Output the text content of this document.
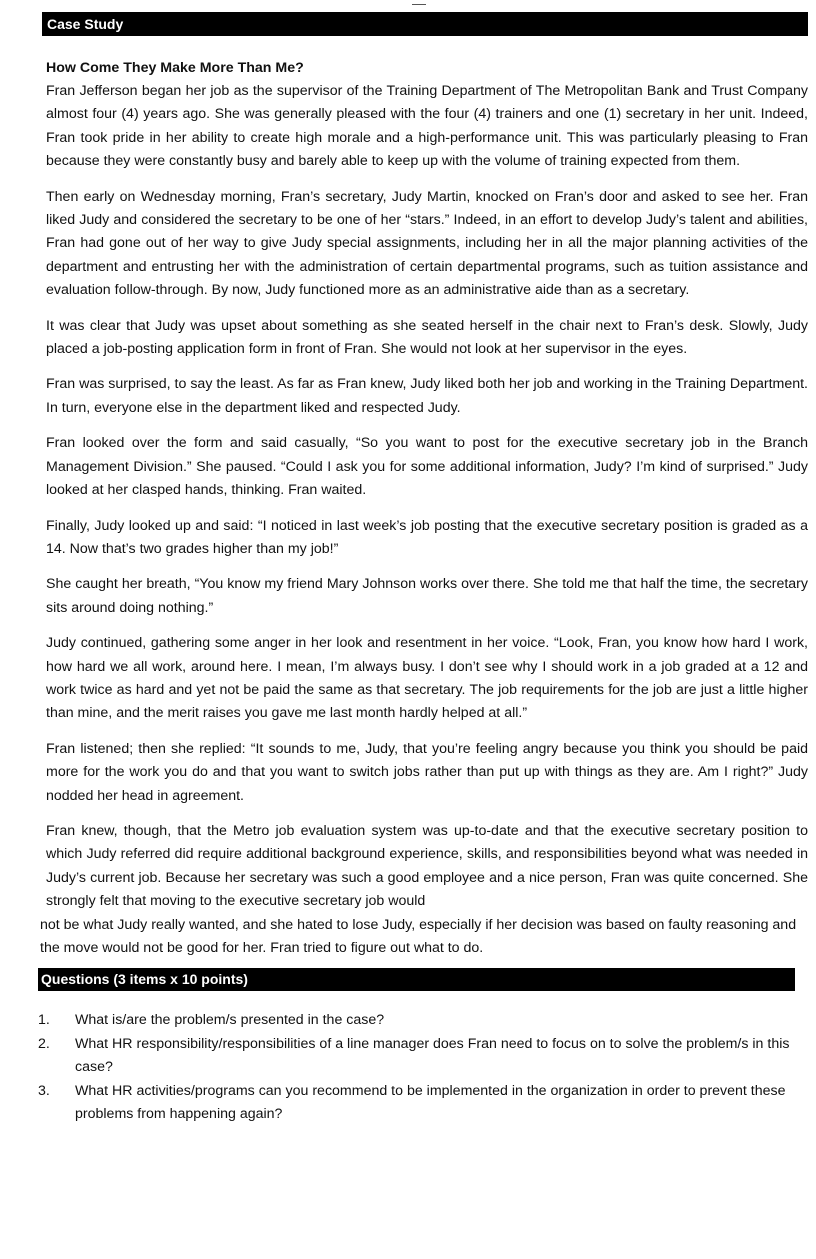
Case Study
How Come They Make More Than Me?

Fran Jefferson began her job as the supervisor of the Training Department of The Metropolitan Bank and Trust Company almost four (4) years ago. She was generally pleased with the four (4) trainers and one (1) secretary in her unit. Indeed, Fran took pride in her ability to create high morale and a high-performance unit. This was particularly pleasing to Fran because they were constantly busy and barely able to keep up with the volume of training expected from them.

Then early on Wednesday morning, Fran’s secretary, Judy Martin, knocked on Fran’s door and asked to see her. Fran liked Judy and considered the secretary to be one of her “stars.” Indeed, in an effort to develop Judy’s talent and abilities, Fran had gone out of her way to give Judy special assignments, including her in all the major planning activities of the department and entrusting her with the administration of certain departmental programs, such as tuition assistance and evaluation follow-through. By now, Judy functioned more as an administrative aide than as a secretary.

It was clear that Judy was upset about something as she seated herself in the chair next to Fran’s desk. Slowly, Judy placed a job-posting application form in front of Fran. She would not look at her supervisor in the eyes.

Fran was surprised, to say the least. As far as Fran knew, Judy liked both her job and working in the Training Department. In turn, everyone else in the department liked and respected Judy.

Fran looked over the form and said casually, “So you want to post for the executive secretary job in the Branch Management Division.” She paused. “Could I ask you for some additional information, Judy? I’m kind of surprised.” Judy looked at her clasped hands, thinking. Fran waited.

Finally, Judy looked up and said: “I noticed in last week’s job posting that the executive secretary position is graded as a 14. Now that’s two grades higher than my job!”

She caught her breath, “You know my friend Mary Johnson works over there. She told me that half the time, the secretary sits around doing nothing.”

Judy continued, gathering some anger in her look and resentment in her voice. “Look, Fran, you know how hard I work, how hard we all work, around here. I mean, I’m always busy. I don’t see why I should work in a job graded at a 12 and work twice as hard and yet not be paid the same as that secretary. The job requirements for the job are just a little higher than mine, and the merit raises you gave me last month hardly helped at all.”

Fran listened; then she replied: “It sounds to me, Judy, that you’re feeling angry because you think you should be paid more for the work you do and that you want to switch jobs rather than put up with things as they are. Am I right?” Judy nodded her head in agreement.

Fran knew, though, that the Metro job evaluation system was up-to-date and that the executive secretary position to which Judy referred did require additional background experience, skills, and responsibilities beyond what was needed in Judy’s current job. Because her secretary was such a good employee and a nice person, Fran was quite concerned. She strongly felt that moving to the executive secretary job would

not be what Judy really wanted, and she hated to lose Judy, especially if her decision was based on faulty reasoning and the move would not be good for her. Fran tried to figure out what to do.

Questions (3 items x 10 points)
1. What is/are the problem/s presented in the case?
2. What HR responsibility/responsibilities of a line manager does Fran need to focus on to solve the problem/s in this case?
3. What HR activities/programs can you recommend to be implemented in the organization in order to prevent these problems from happening again?
